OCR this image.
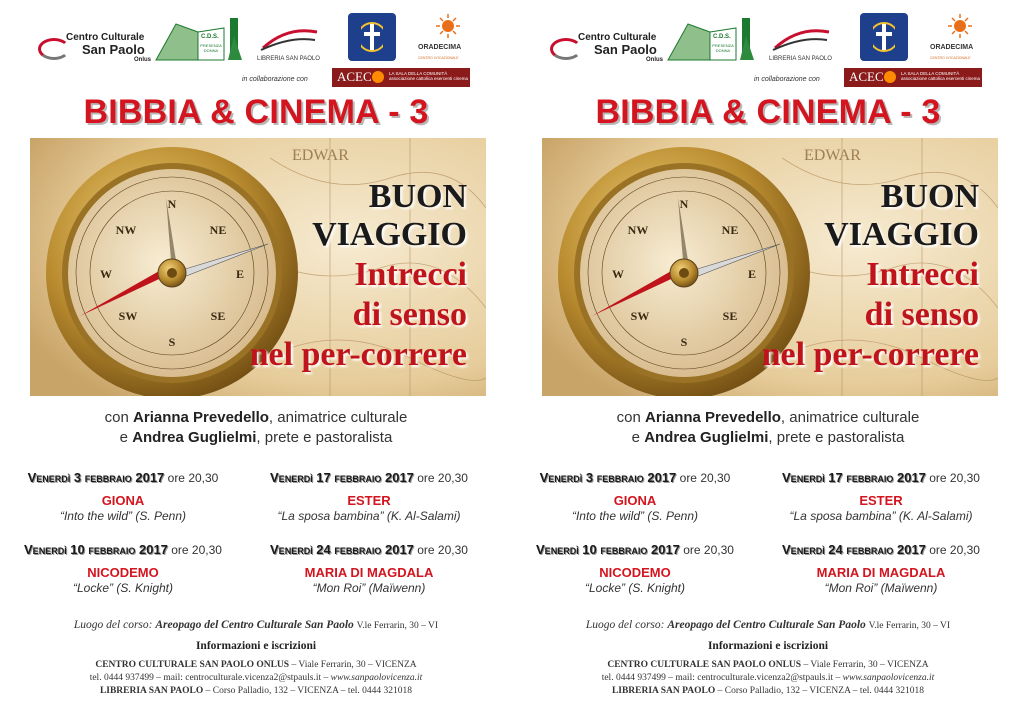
Centro Culturale
San Paolo
Onlus
C.D.S.
PRESENZA DONNA
LIBRERIA SAN PAOLO
ORADECIMA
CENTRO VOCAZIONALE
in collaborazione con ACEC	LA SALA DELLA COMUNITÀ associazione cattolica esercenti cinema
BIBBIA & CINEMA - 3
EDWAR
N
NE
E
SE
S
SW
W
NW
BUON
VIAGGIO
Intrecci
di senso
nel per-correre
con Arianna Prevedello, animatrice culturale
e Andrea Guglielmi, prete e pastoralista
Venerdì 3 febbraio 2017 ore 20,30
GIONA
“Into the wild” (S. Penn)
Venerdì 17 febbraio 2017 ore 20,30
ESTER
“La sposa bambina” (K. Al-Salami)
Venerdì 10 febbraio 2017 ore 20,30
NICODEMO
“Locke” (S. Knight)
Venerdì 24 febbraio 2017 ore 20,30
MARIA DI MAGDALA
“Mon Roi” (Maïwenn)
Luogo del corso: Areopago del Centro Culturale San Paolo V.le Ferrarin, 30 – VI
Informazioni e iscrizioni
CENTRO CULTURALE SAN PAOLO ONLUS – Viale Ferrarin, 30 – VICENZA
tel. 0444 937499 – mail: centroculturale.vicenza2@stpauls.it – www.sanpaolovicenza.it
LIBRERIA SAN PAOLO – Corso Palladio, 132 – VICENZA – tel. 0444 321018
Centro Culturale
San Paolo
Onlus
C.D.S.
PRESENZA DONNA
LIBRERIA SAN PAOLO
ORADECIMA
CENTRO VOCAZIONALE
in collaborazione con ACEC	LA SALA DELLA COMUNITÀ associazione cattolica esercenti cinema
BIBBIA & CINEMA - 3
EDWAR
N
NE
E
SE
S
SW
W
NW
BUON
VIAGGIO
Intrecci
di senso
nel per-correre
con Arianna Prevedello, animatrice culturale
e Andrea Guglielmi, prete e pastoralista
Venerdì 3 febbraio 2017 ore 20,30
GIONA
“Into the wild” (S. Penn)
Venerdì 17 febbraio 2017 ore 20,30
ESTER
“La sposa bambina” (K. Al-Salami)
Venerdì 10 febbraio 2017 ore 20,30
NICODEMO
“Locke” (S. Knight)
Venerdì 24 febbraio 2017 ore 20,30
MARIA DI MAGDALA
“Mon Roi” (Maïwenn)
Luogo del corso: Areopago del Centro Culturale San Paolo V.le Ferrarin, 30 – VI
Informazioni e iscrizioni
CENTRO CULTURALE SAN PAOLO ONLUS – Viale Ferrarin, 30 – VICENZA
tel. 0444 937499 – mail: centroculturale.vicenza2@stpauls.it – www.sanpaolovicenza.it
LIBRERIA SAN PAOLO – Corso Palladio, 132 – VICENZA – tel. 0444 321018
